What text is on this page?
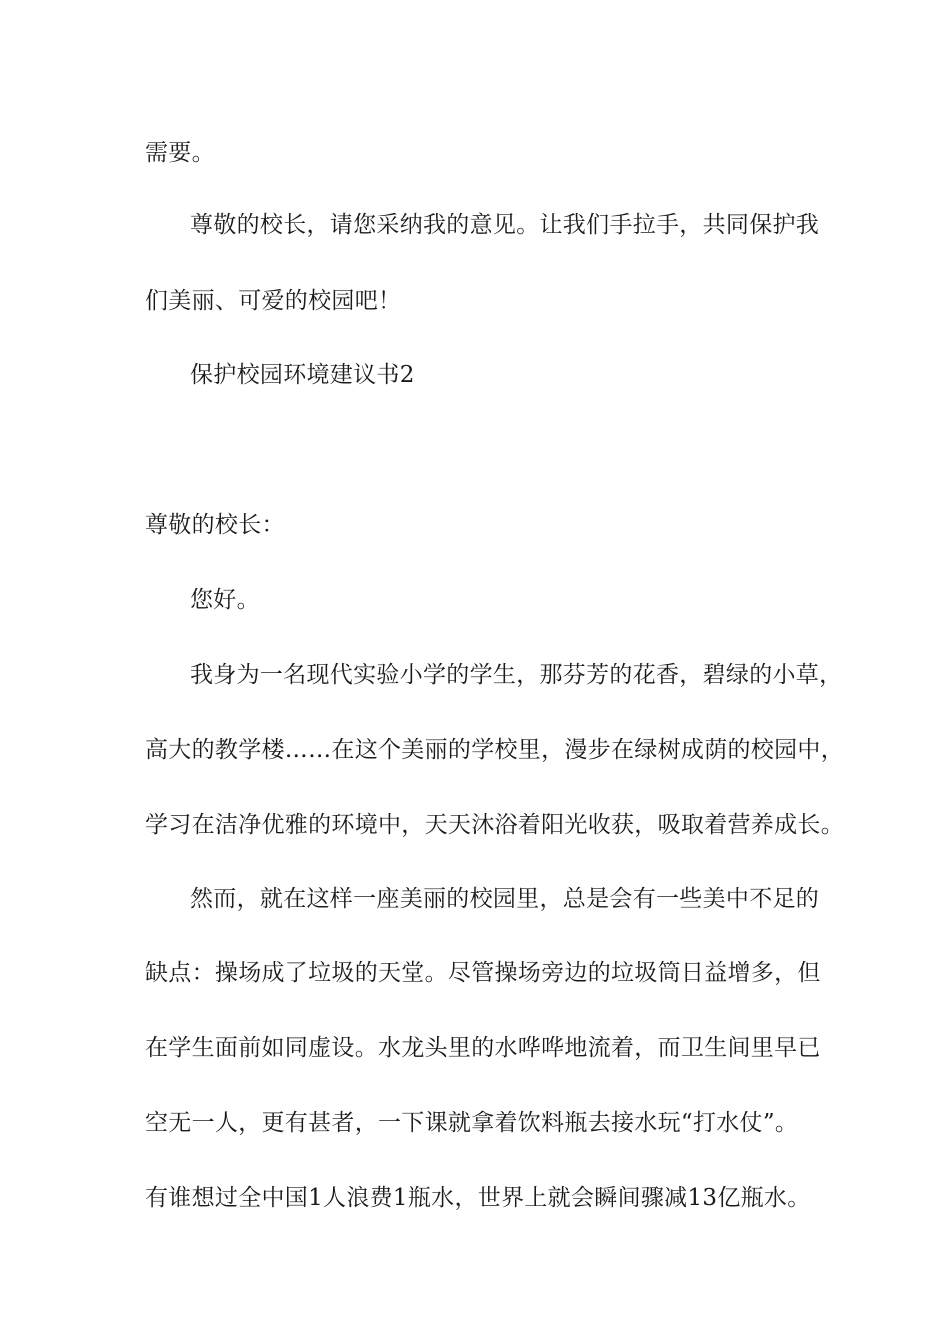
需要。
尊敬的校长，请您采纳我的意见。让我们手拉手，共同保护我
们美丽、可爱的校园吧！
保护校园环境建议书2
尊敬的校长：
您好。
我身为一名现代实验小学的学生，那芬芳的花香，碧绿的小草，
高大的教学楼……在这个美丽的学校里，漫步在绿树成荫的校园中，
学习在洁净优雅的环境中，天天沐浴着阳光收获，吸取着营养成长。
然而，就在这样一座美丽的校园里，总是会有一些美中不足的
缺点：操场成了垃圾的天堂。尽管操场旁边的垃圾筒日益增多，但
在学生面前如同虚设。水龙头里的水哗哗地流着，而卫生间里早已
空无一人，更有甚者，一下课就拿着饮料瓶去接水玩“打水仗”。
有谁想过全中国1人浪费1瓶水，世界上就会瞬间骤减13亿瓶水。
